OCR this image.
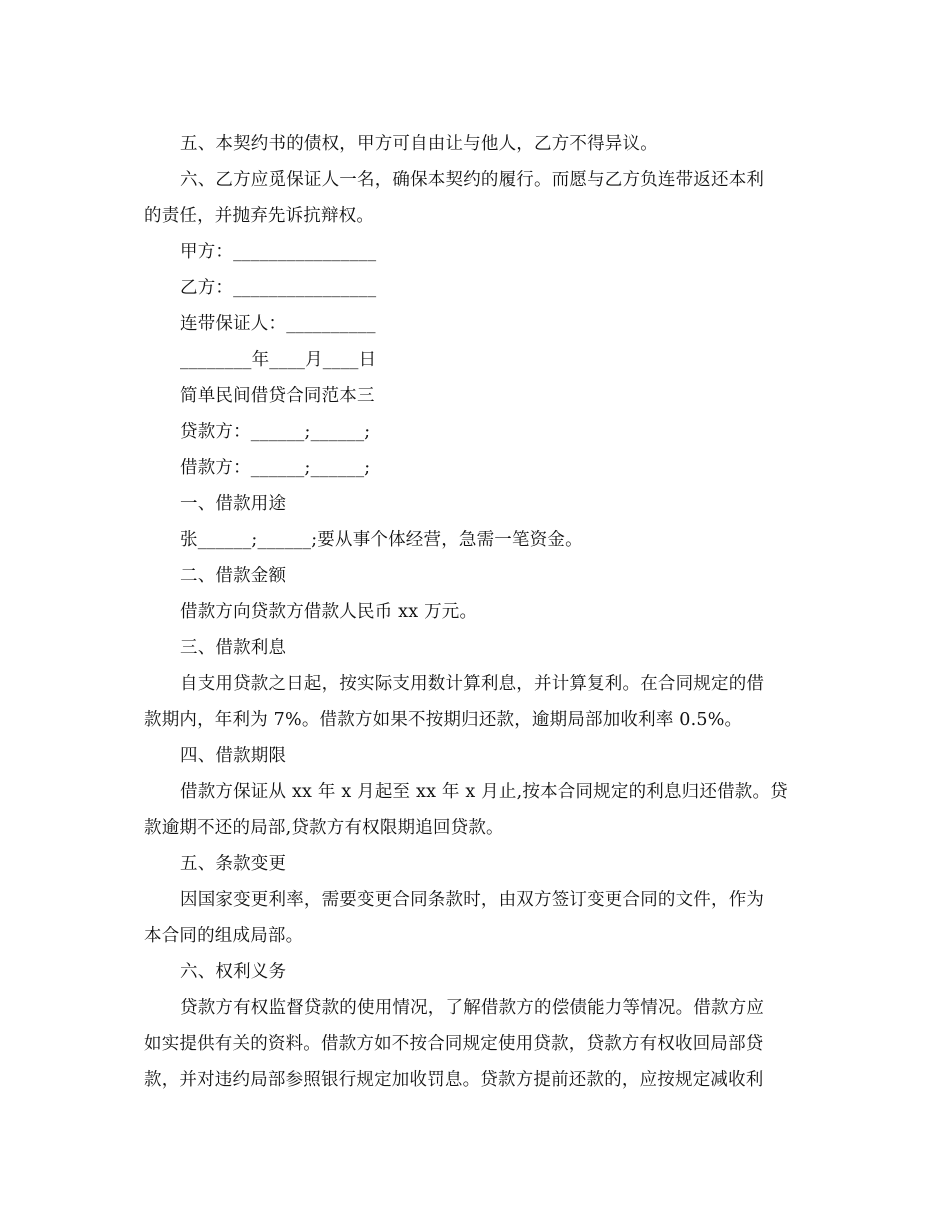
五、本契约书的债权，甲方可自由让与他人，乙方不得异议。
六、乙方应觅保证人一名，确保本契约的履行。而愿与乙方负连带返还本利
的责任，并抛弃先诉抗辩权。
甲方：________________
乙方：________________
连带保证人：__________
________年____月____日
简单民间借贷合同范本三
贷款方：______;______;
借款方：______;______;
一、借款用途
张______;______;要从事个体经营，急需一笔资金。
二、借款金额
借款方向贷款方借款人民币 xx 万元。
三、借款利息
自支用贷款之日起，按实际支用数计算利息，并计算复利。在合同规定的借
款期内，年利为 7%。借款方如果不按期归还款，逾期局部加收利率 0.5%。
四、借款期限
借款方保证从 xx 年 x 月起至 xx 年 x 月止,按本合同规定的利息归还借款。贷
款逾期不还的局部,贷款方有权限期追回贷款。
五、条款变更
因国家变更利率，需要变更合同条款时，由双方签订变更合同的文件，作为
本合同的组成局部。
六、权利义务
贷款方有权监督贷款的使用情况，了解借款方的偿债能力等情况。借款方应
如实提供有关的资料。借款方如不按合同规定使用贷款，贷款方有权收回局部贷
款，并对违约局部参照银行规定加收罚息。贷款方提前还款的，应按规定减收利
